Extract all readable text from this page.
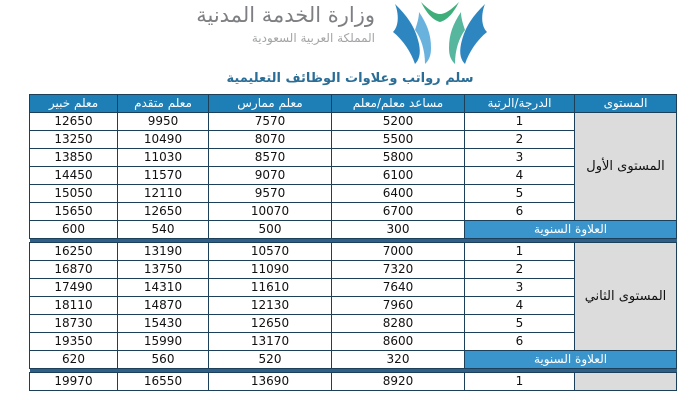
وزارة الخدمة المدنية
المملكة العربية السعودية
سلم رواتب وعلاوات الوظائف التعليمية
معلم خبير	معلم متقدم	معلم ممارس	مساعد معلم/معلم	الدرجة/الرتبة	المستوى
12650	9950	7570	5200	1	المستوى الأول
13250	10490	8070	5500	2	
13850	11030	8570	5800	3	
14450	11570	9070	6100	4	
15050	12110	9570	6400	5	
15650	12650	10070	6700	6	
600	540	500	300	العلاوة السنوية	

16250	13190	10570	7000	1	المستوى الثاني
16870	13750	11090	7320	2	
17490	14310	11610	7640	3	
18110	14870	12130	7960	4	
18730	15430	12650	8280	5	
19350	15990	13170	8600	6	
620	560	520	320	العلاوة السنوية	

19970	16550	13690	8920	1	
